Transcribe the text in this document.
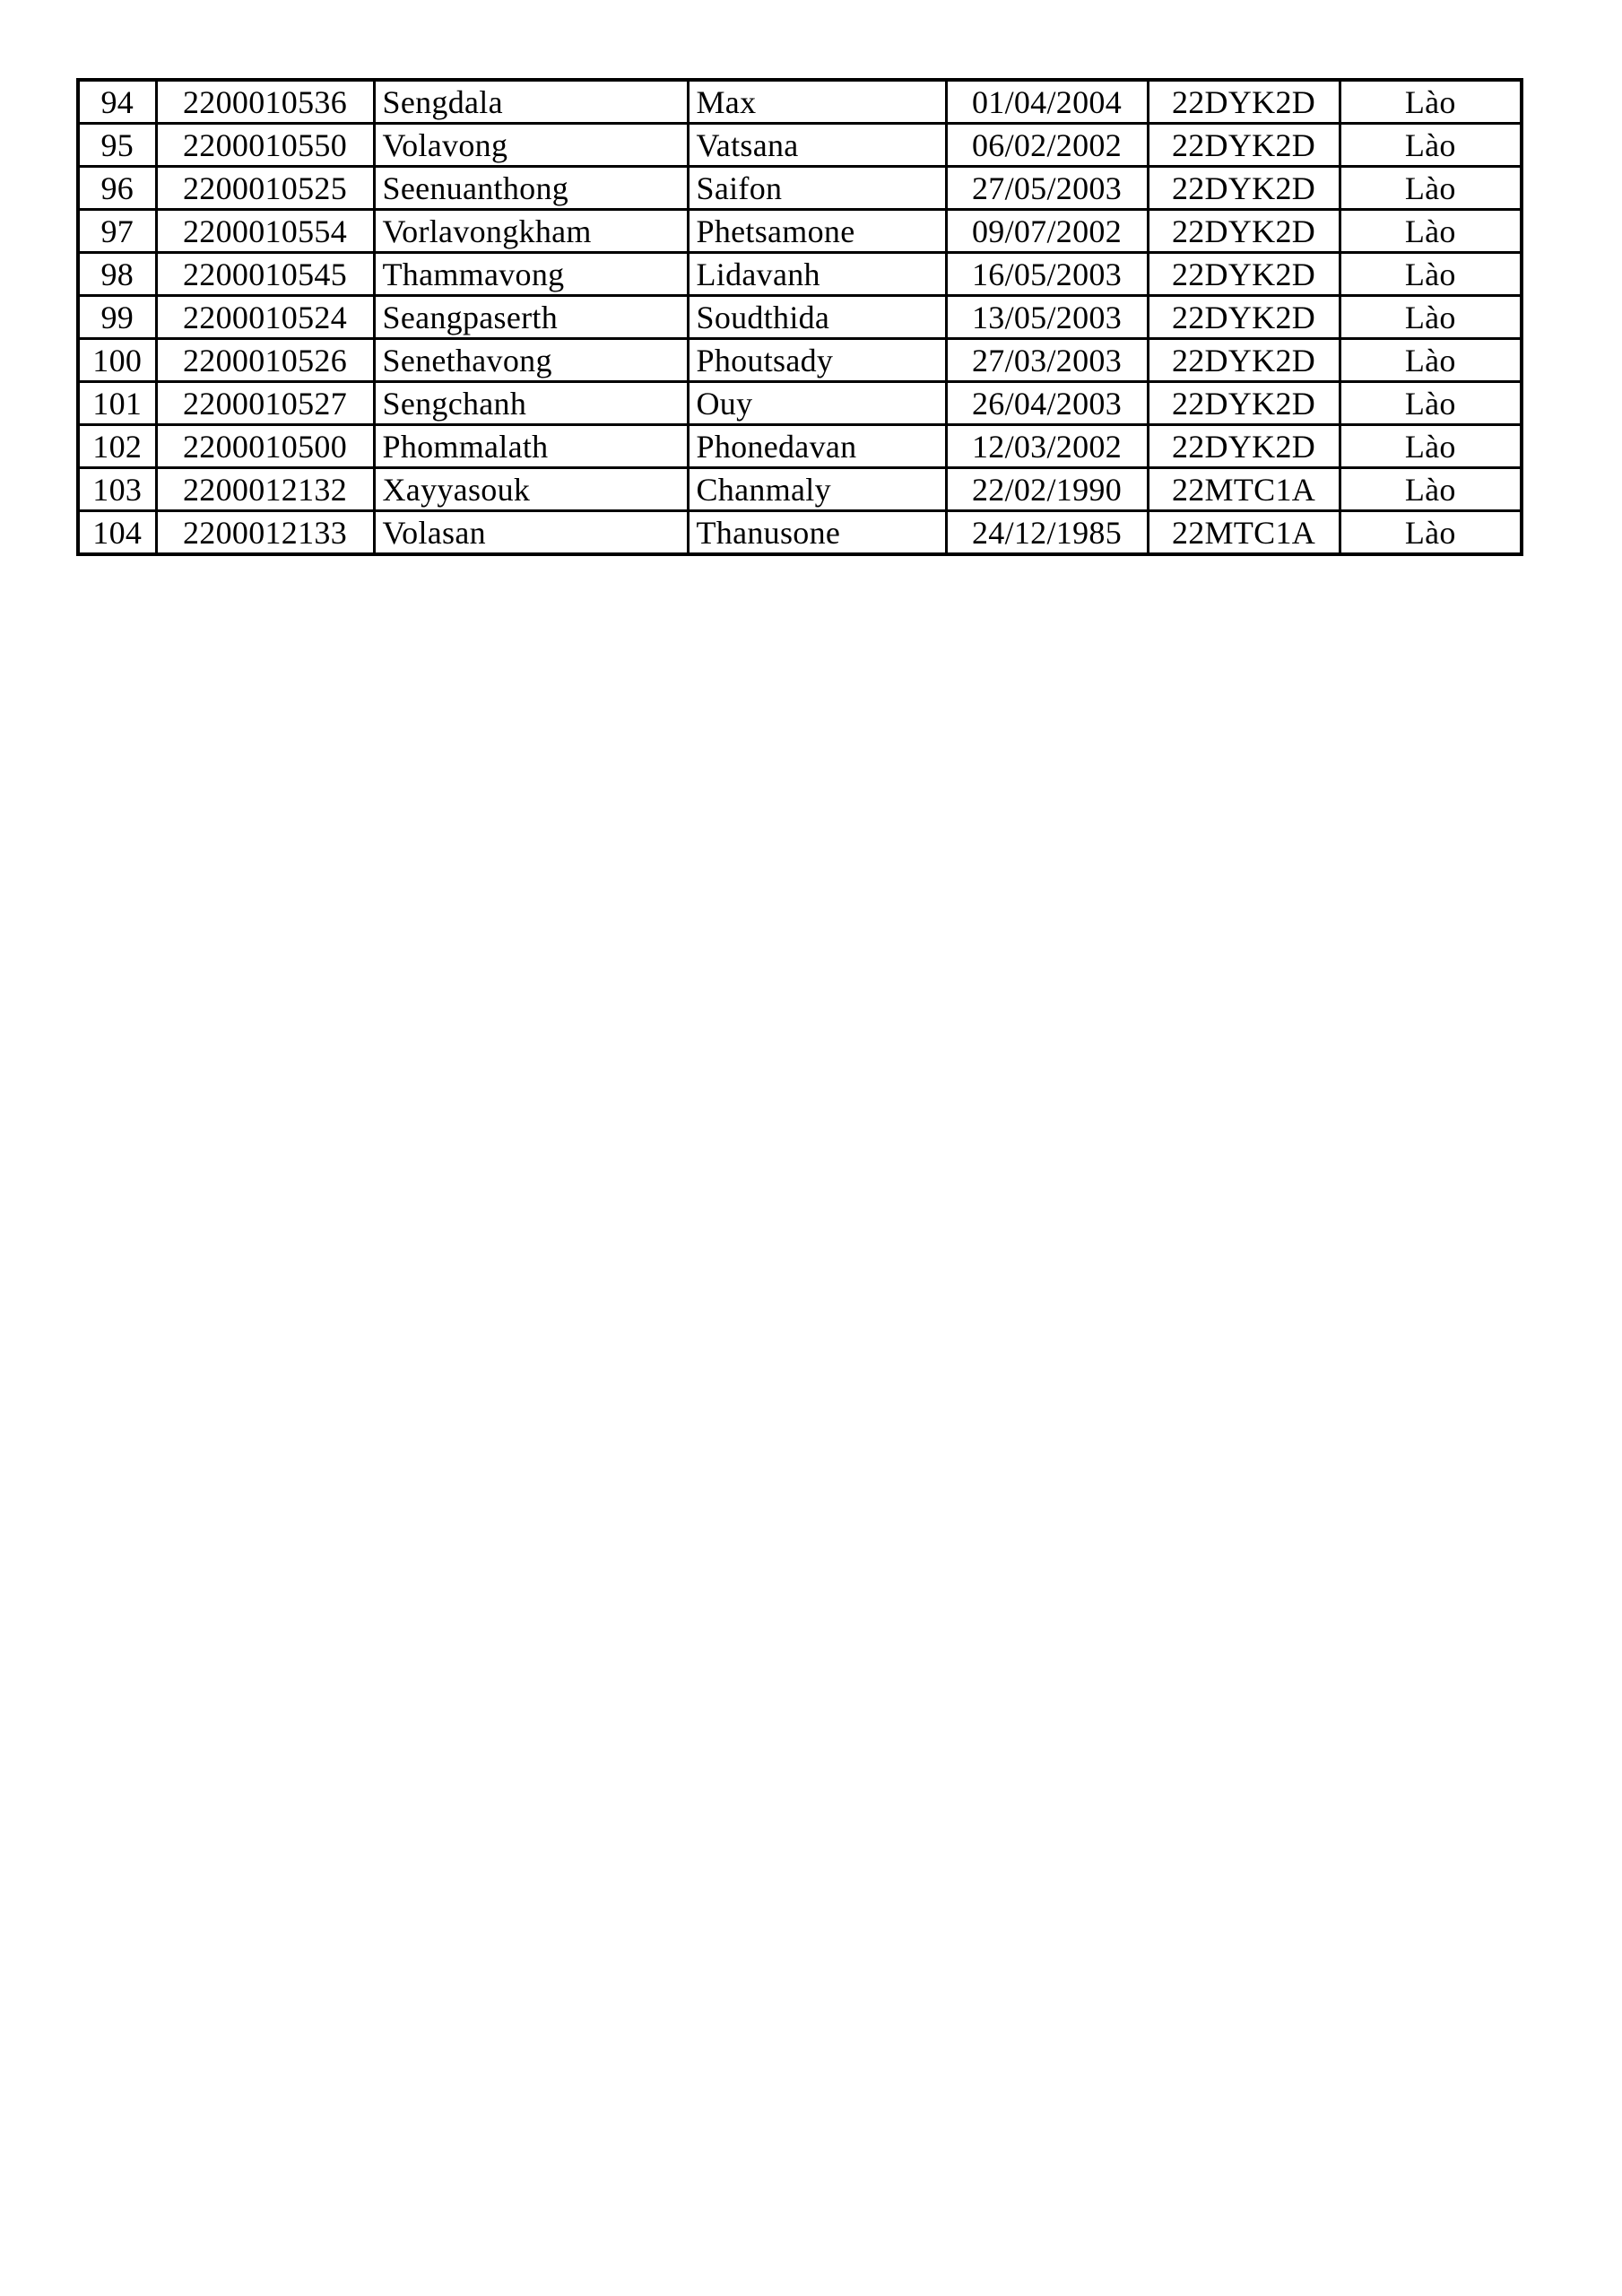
94	2200010536	Sengdala	Max	01/04/2004	22DYK2D	Lào
95	2200010550	Volavong	Vatsana	06/02/2002	22DYK2D	Lào
96	2200010525	Seenuanthong	Saifon	27/05/2003	22DYK2D	Lào
97	2200010554	Vorlavongkham	Phetsamone	09/07/2002	22DYK2D	Lào
98	2200010545	Thammavong	Lidavanh	16/05/2003	22DYK2D	Lào
99	2200010524	Seangpaserth	Soudthida	13/05/2003	22DYK2D	Lào
100	2200010526	Senethavong	Phoutsady	27/03/2003	22DYK2D	Lào
101	2200010527	Sengchanh	Ouy	26/04/2003	22DYK2D	Lào
102	2200010500	Phommalath	Phonedavan	12/03/2002	22DYK2D	Lào
103	2200012132	Xayyasouk	Chanmaly	22/02/1990	22MTC1A	Lào
104	2200012133	Volasan	Thanusone	24/12/1985	22MTC1A	Lào
